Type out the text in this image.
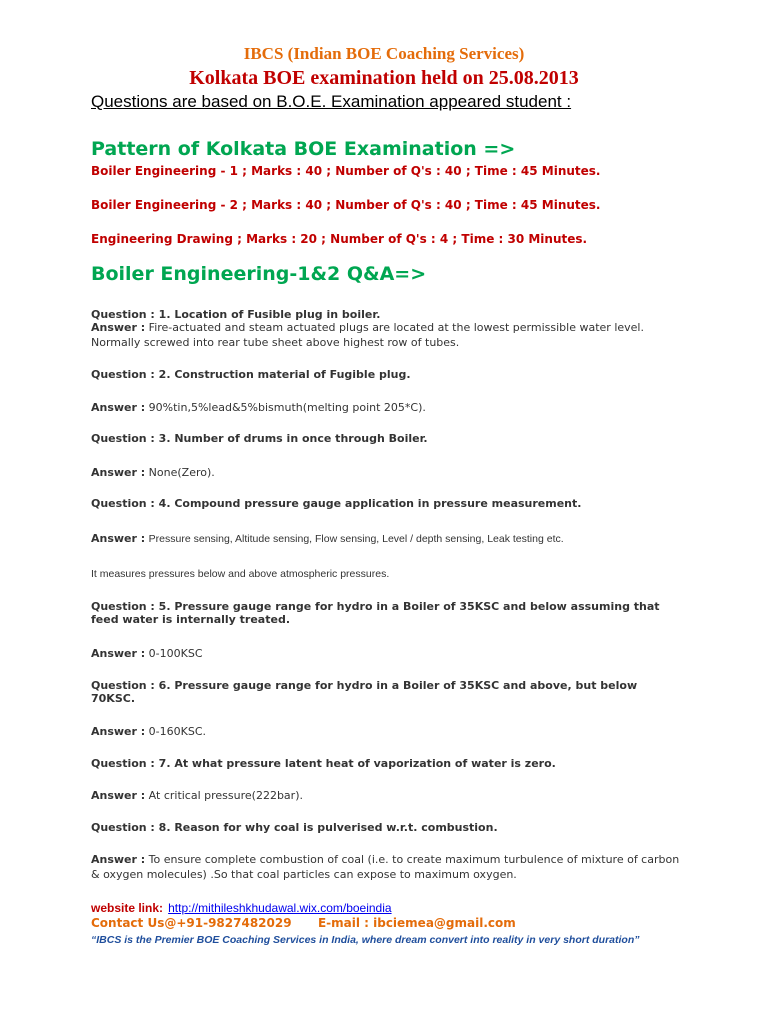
IBCS (Indian BOE Coaching Services)
Kolkata BOE examination held on 25.08.2013
Questions are based on B.O.E. Examination appeared student :
Pattern of Kolkata BOE Examination =>
Boiler Engineering - 1 ; Marks : 40 ; Number of Q's : 40 ; Time : 45 Minutes.
Boiler Engineering - 2 ; Marks : 40 ; Number of Q's : 40 ; Time : 45 Minutes.
Engineering Drawing ; Marks : 20 ; Number of Q's : 4 ; Time : 30 Minutes.
Boiler Engineering-1&2 Q&A=>
Question : 1. Location of Fusible plug in boiler.
Answer : Fire-actuated and steam actuated plugs are located at the lowest permissible water level. Normally screwed into rear tube sheet above highest row of tubes.
Question : 2. Construction material of Fugible plug.
Answer : 90%tin,5%lead&5%bismuth(melting point 205*C).
Question : 3. Number of drums in once through Boiler.
Answer : None(Zero).
Question : 4. Compound pressure gauge application in pressure measurement.
Answer : Pressure sensing, Altitude sensing, Flow sensing, Level / depth sensing, Leak testing etc.
It measures pressures below and above atmospheric pressures.
Question : 5. Pressure gauge range for hydro in a Boiler of 35KSC and below assuming that feed water is internally treated.
Answer : 0-100KSC
Question : 6. Pressure gauge range for hydro in a Boiler of 35KSC and above, but below 70KSC.
Answer : 0-160KSC.
Question : 7. At what pressure latent heat of vaporization of water is zero.
Answer : At critical pressure(222bar).
Question : 8. Reason for why coal is pulverised w.r.t. combustion.
Answer : To ensure complete combustion of coal (i.e. to create maximum turbulence of mixture of carbon & oxygen molecules) .So that coal particles can expose to maximum oxygen.
website link: http://mithileshkhudawal.wix.com/boeindia
Contact Us@+91-9827482029 E-mail : ibciemea@gmail.com
“IBCS is the Premier BOE Coaching Services in India, where dream convert into reality in very short duration”
